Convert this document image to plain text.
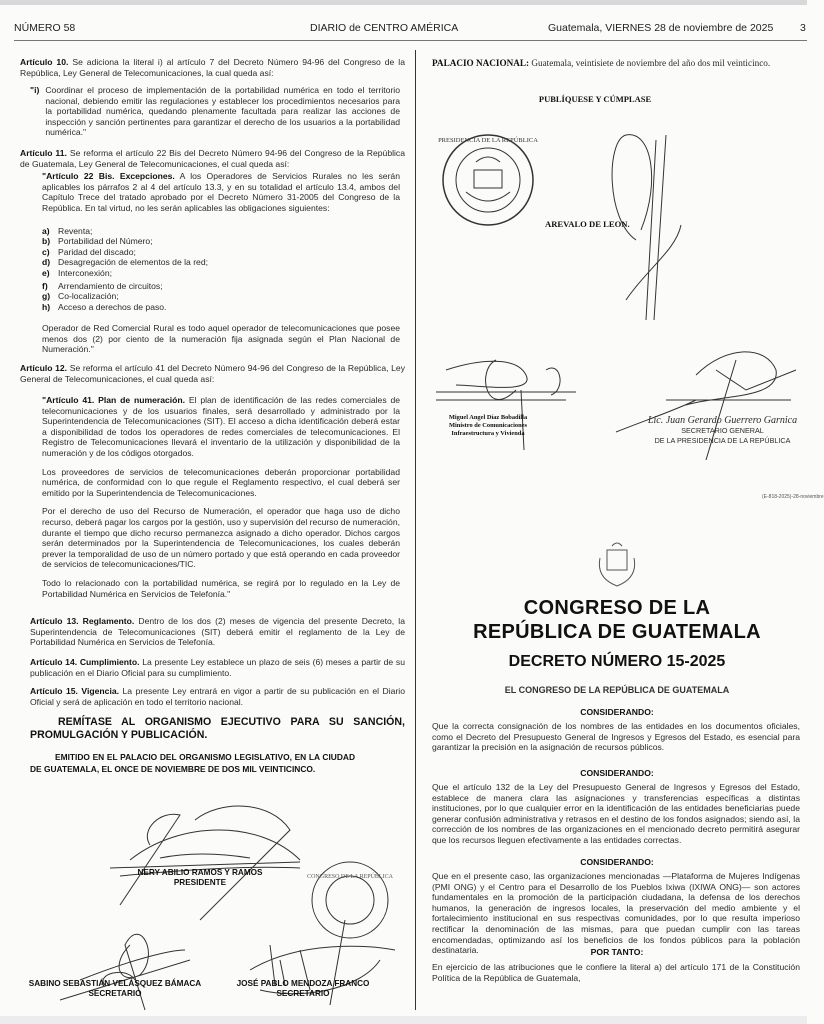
NÚMERO 58	DIARIO de CENTRO AMÉRICA	Guatemala, VIERNES 28 de noviembre de 2025	3
Artículo 10. Se adiciona la literal i) al artículo 7 del Decreto Número 94-96 del Congreso de la República, Ley General de Telecomunicaciones, la cual queda así:
"i) Coordinar el proceso de implementación de la portabilidad numérica en todo el territorio nacional, debiendo emitir las regulaciones y establecer los procedimientos necesarios para la portabilidad numérica, quedando plenamente facultada para realizar las acciones de inspección y sanción pertinentes para garantizar el derecho de los usuarios a la portabilidad numérica."
Artículo 11. Se reforma el artículo 22 Bis del Decreto Número 94-96 del Congreso de la República de Guatemala, Ley General de Telecomunicaciones, el cual queda así:
"Artículo 22 Bis. Excepciones. A los Operadores de Servicios Rurales no les serán aplicables los párrafos 2 al 4 del artículo 13.3, y en su totalidad el artículo 13.4, ambos del Capítulo Trece del tratado aprobado por el Decreto Número 31-2005 del Congreso de la República. En tal virtud, no les serán aplicables las obligaciones siguientes:
a) Reventa;
b) Portabilidad del Número;
c) Paridad del discado;
d) Desagregación de elementos de la red;
e) Interconexión;
f)	Arrendamiento de circuitos;
g) Co-localización;
h) Acceso a derechos de paso.
Operador de Red Comercial Rural es todo aquel operador de telecomunicaciones que posee menos dos (2) por ciento de la numeración fija asignada según el Plan Nacional de Numeración."
Artículo 12. Se reforma el artículo 41 del Decreto Número 94-96 del Congreso de la República, Ley General de Telecomunicaciones, el cual queda así:
"Artículo 41. Plan de numeración. El plan de identificación de las redes comerciales de telecomunicaciones y de los usuarios finales, será desarrollado y administrado por la Superintendencia de Telecomunicaciones (SIT). El acceso a dicha identificación deberá estar a disponibilidad de todos los operadores de redes comerciales de telecomunicaciones. El Registro de Telecomunicaciones llevará el inventario de la utilización y disponibilidad de la numeración y de los códigos otorgados.
Los proveedores de servicios de telecomunicaciones deberán proporcionar portabilidad numérica, de conformidad con lo que regule el Reglamento respectivo, el cual deberá ser emitido por la Superintendencia de Telecomunicaciones.
Por el derecho de uso del Recurso de Numeración, el operador que haga uso de dicho recurso, deberá pagar los cargos por la gestión, uso y supervisión del recurso de numeración, durante el tiempo que dicho recurso permanezca asignado a dicho operador. Dichos cargos serán determinados por la Superintendencia de Telecomunicaciones, los cuales deberán prever la temporalidad de uso de un número portado y que está operando en cada proveedor de servicios de telecomunicaciones/TIC.
Todo lo relacionado con la portabilidad numérica, se regirá por lo regulado en la Ley de Portabilidad Numérica en Servicios de Telefonía."
Artículo 13. Reglamento. Dentro de los dos (2) meses de vigencia del presente Decreto, la Superintendencia de Telecomunicaciones (SIT) deberá emitir el reglamento de la Ley de Portabilidad Numérica en Servicios de Telefonía.
Artículo 14. Cumplimiento. La presente Ley establece un plazo de seis (6) meses a partir de su publicación en el Diario Oficial para su cumplimiento.
Artículo 15. Vigencia. La presente Ley entrará en vigor a partir de su publicación en el Diario Oficial y será de aplicación en todo el territorio nacional.
REMÍTASE AL ORGANISMO EJECUTIVO PARA SU SANCIÓN, PROMULGACIÓN Y PUBLICACIÓN.
EMITIDO EN EL PALACIO DEL ORGANISMO LEGISLATIVO, EN LA CIUDAD DE GUATEMALA, EL ONCE DE NOVIEMBRE DE DOS MIL VEINTICINCO.
CONGRESO DE LA REPÚBLICA
NERY ABILIO RAMOS Y RAMOS
PRESIDENTE
SABINO SEBASTIÁN VELÁSQUEZ BÁMACA
SECRETARIO
JOSÉ PABLO MENDOZA FRANCO
SECRETARIO
PALACIO NACIONAL: Guatemala, veintisiete de noviembre del año dos mil veinticinco.
PUBLÍQUESE Y CÚMPLASE
PRESIDENCIA DE LA REPÚBLICA
AREVALO DE LEON.
Miguel Angel Díaz Bobadilla
Ministro de Comunicaciones
Infraestructura y Vivienda
Lic. Juan Gerardo Guerrero Garnica
SECRETARIO GENERAL
DE LA PRESIDENCIA DE LA REPÚBLICA
(E-818-2025)-28-noviembre
CONGRESO DE LA
REPÚBLICA DE GUATEMALA
DECRETO NÚMERO 15-2025
EL CONGRESO DE LA REPÚBLICA DE GUATEMALA
CONSIDERANDO:
Que la correcta consignación de los nombres de las entidades en los documentos oficiales, como el Decreto del Presupuesto General de Ingresos y Egresos del Estado, es esencial para garantizar la precisión en la asignación de recursos públicos.
CONSIDERANDO:
Que el artículo 132 de la Ley del Presupuesto General de Ingresos y Egresos del Estado, establece de manera clara las asignaciones y transferencias específicas a distintas instituciones, por lo que cualquier error en la identificación de las entidades beneficiarias puede generar confusión administrativa y retrasos en el destino de los fondos asignados; siendo así, la corrección de los nombres de las organizaciones en el mencionado decreto permitirá asegurar que los recursos lleguen efectivamente a las entidades correctas.
CONSIDERANDO:
Que en el presente caso, las organizaciones mencionadas —Plataforma de Mujeres Indígenas (PMI ONG) y el Centro para el Desarrollo de los Pueblos Ixiwa (IXIWA ONG)— son actores fundamentales en la promoción de la participación ciudadana, la defensa de los derechos humanos, la generación de ingresos locales, la preservación del medio ambiente y el fortalecimiento institucional en sus respectivas comunidades, por lo que resulta imperioso rectificar la denominación de las mismas, para que puedan cumplir con las tareas encomendadas, optimizando así los beneficios de los fondos públicos para la población destinataria.	POR TANTO:
En ejercicio de las atribuciones que le confiere la literal a) del artículo 171 de la Constitución Política de la República de Guatemala,
